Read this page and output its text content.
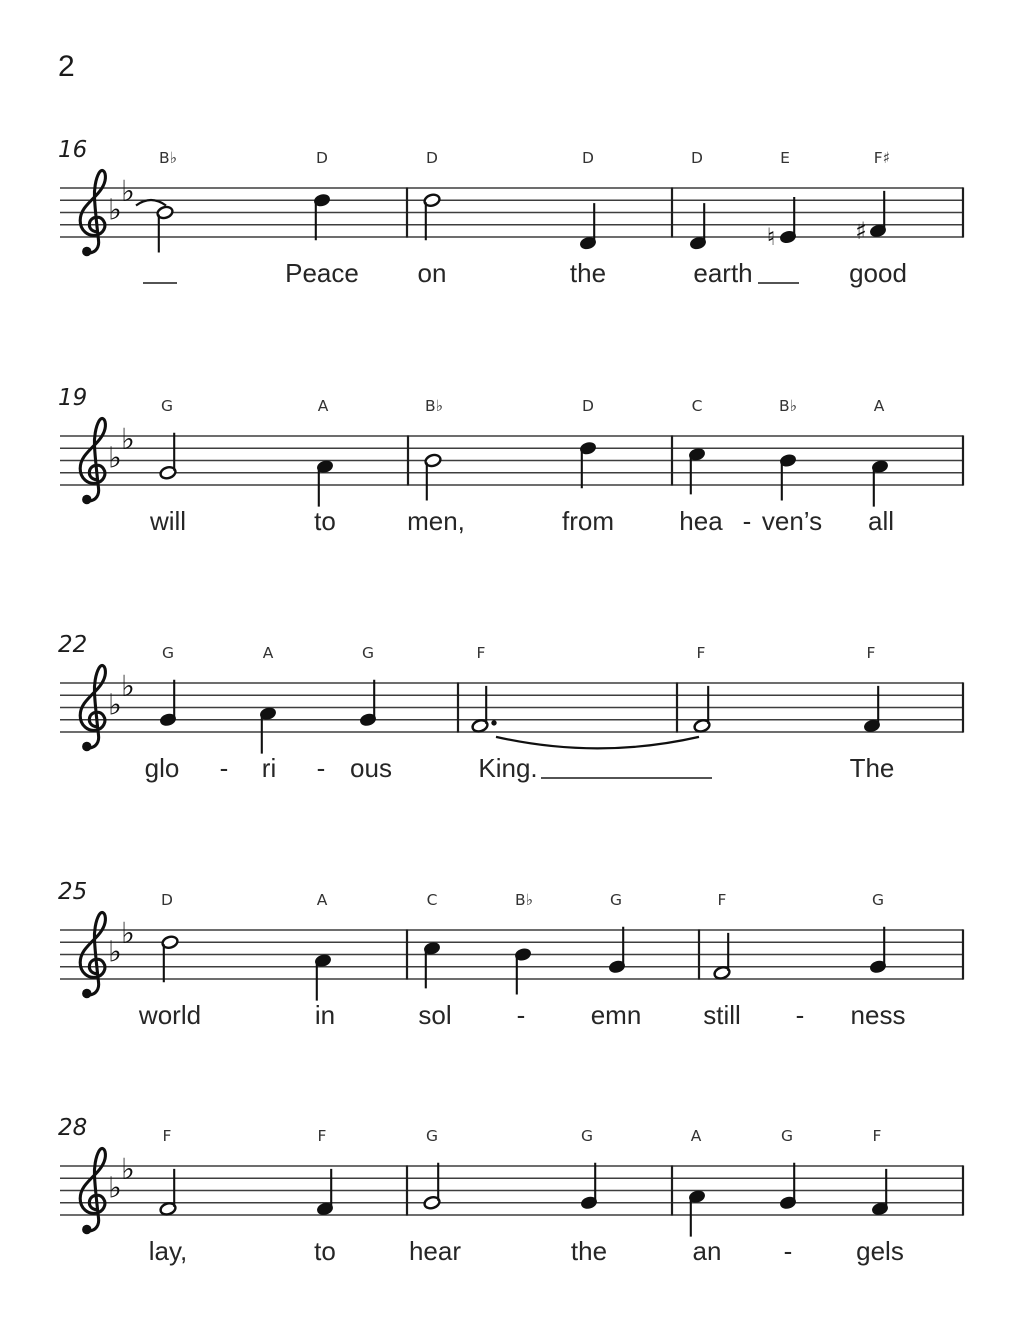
2
16
♭
♭
♮	♯
B♭	D	D	D	D	E	F♯
Peace on	the	earth	good
19
♭
♭
G	A	B♭	D	C	B♭	A
will	to	men,	from	hea - ven’s all
22
♭
♭
G	A	G	F	F	F
glo - ri - ous	King.	The
25
♭
♭
D	A	C	B♭	G	F	G
world	in	sol	-	emn still - ness
28
♭
♭
F	F	G	G	A	G	F
lay,	to	hear	the	an - gels
